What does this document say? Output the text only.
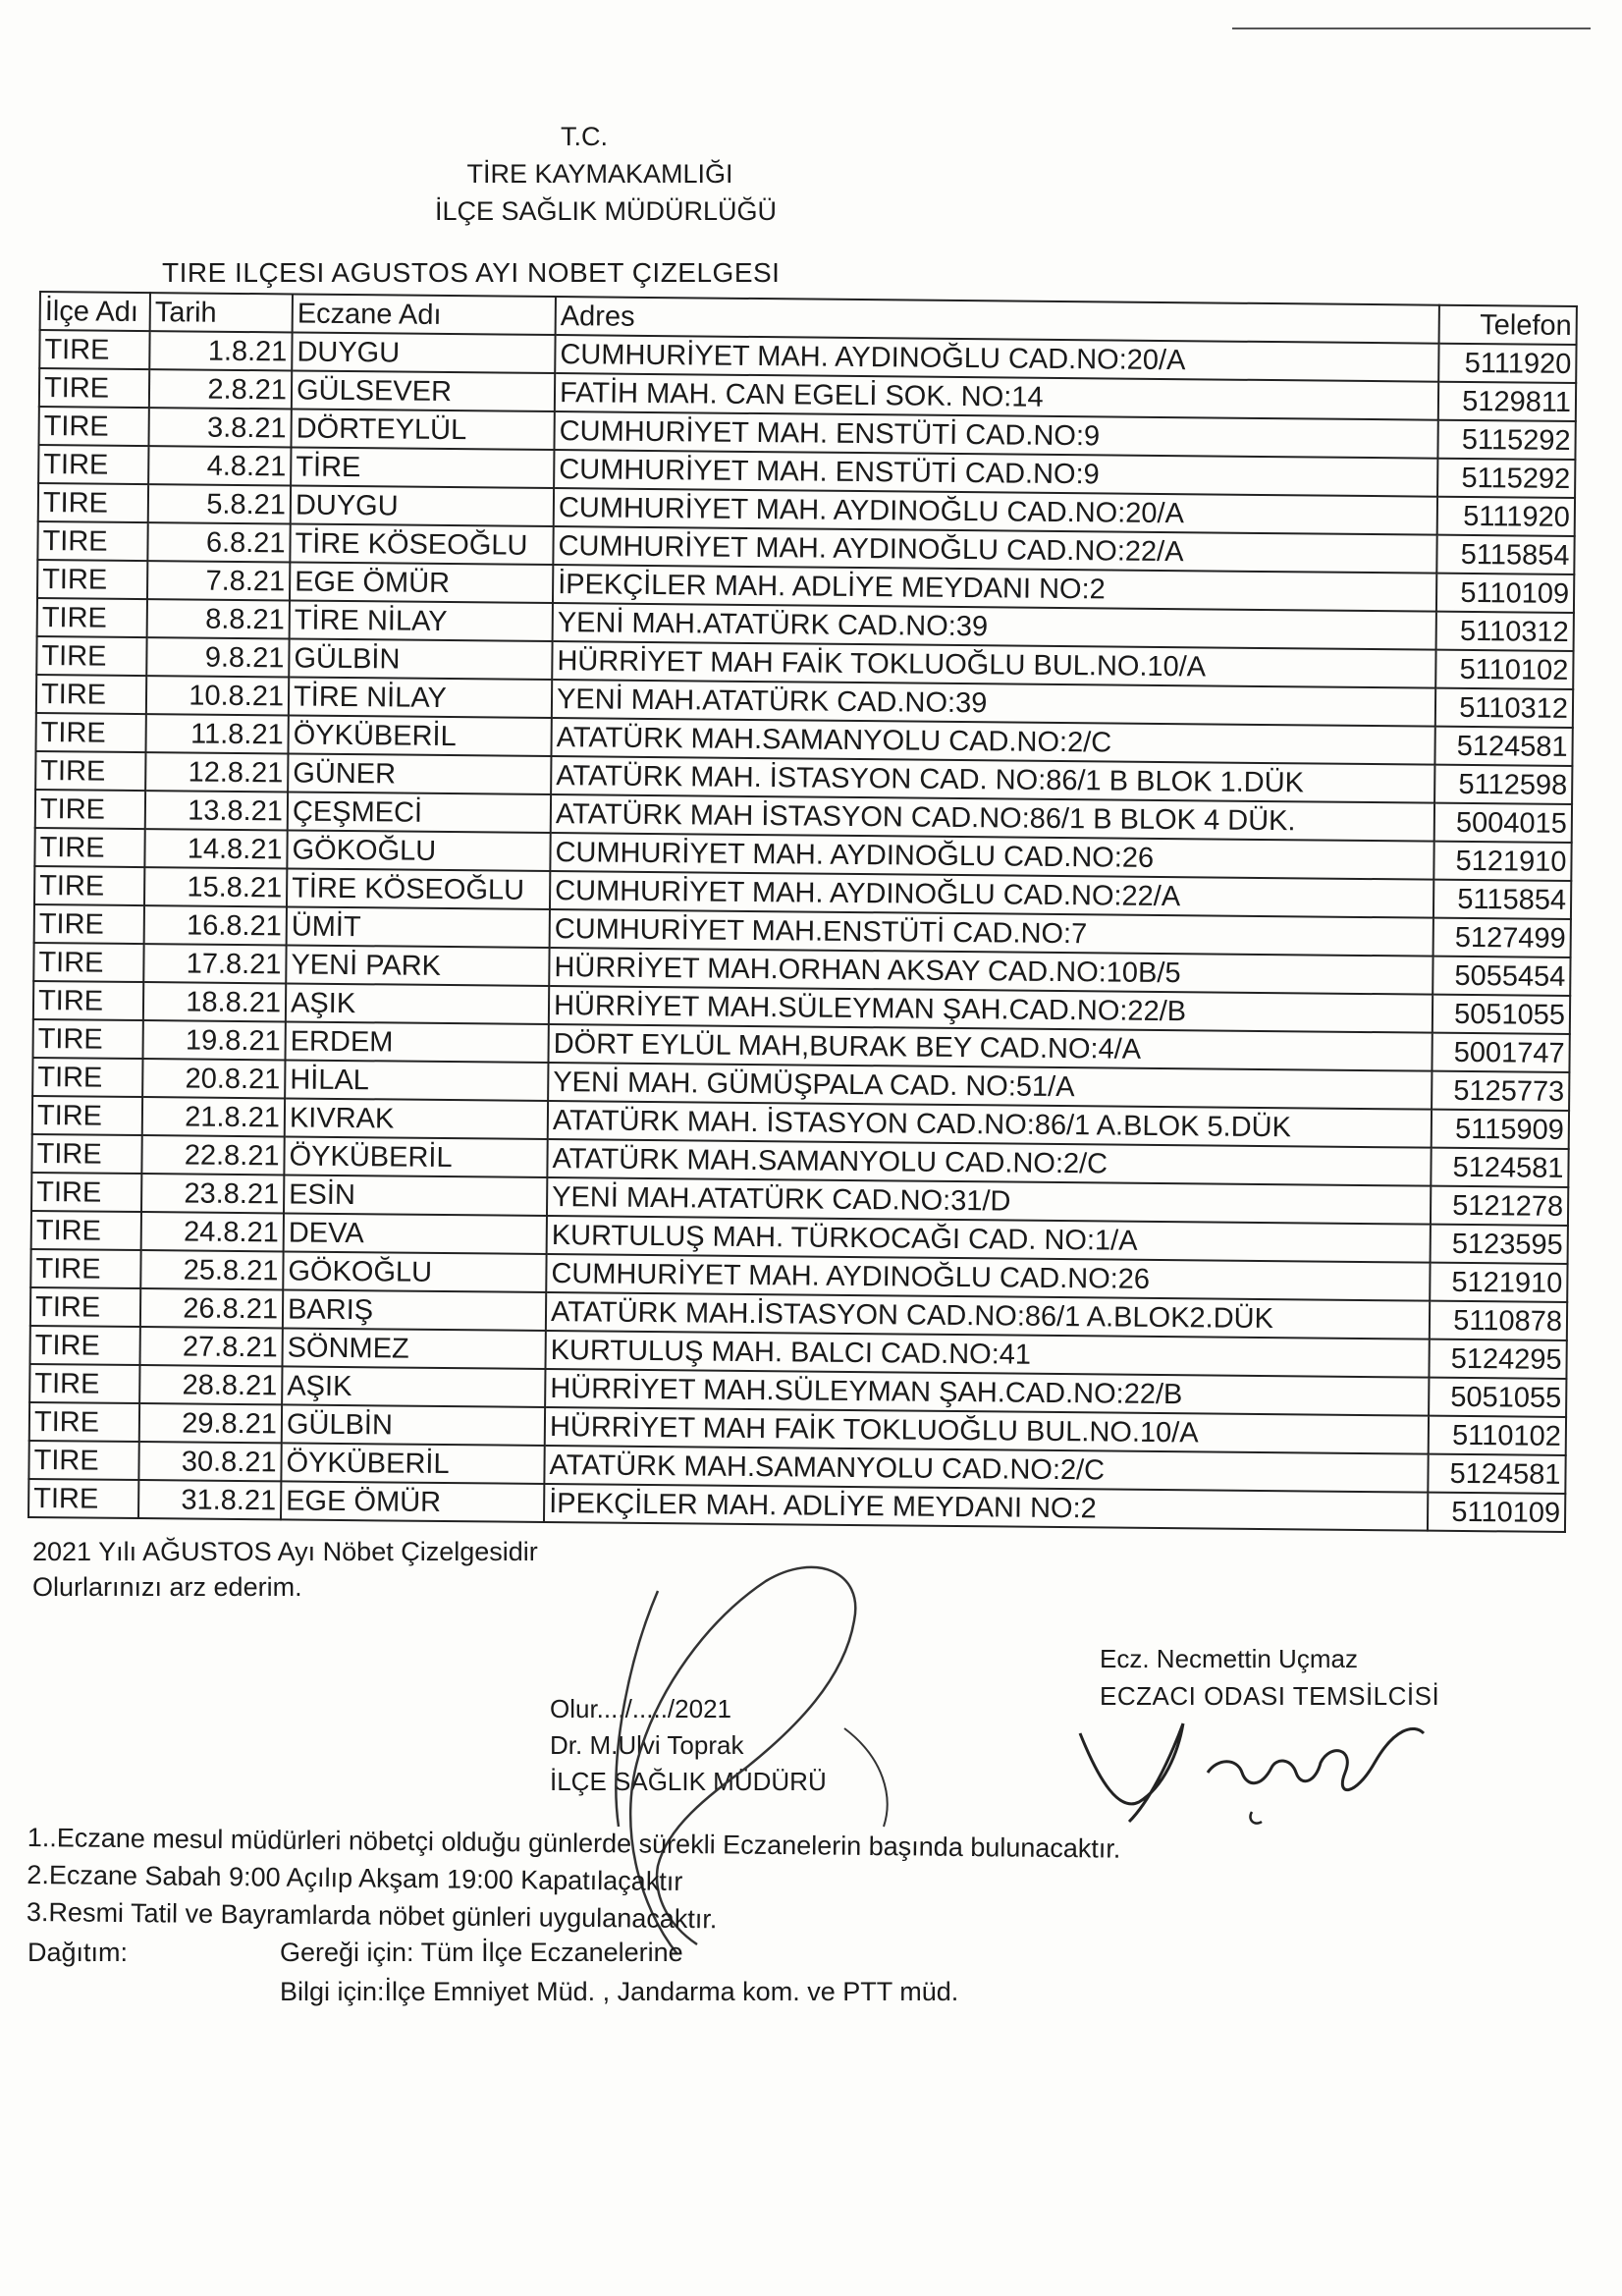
T.C.
TİRE KAYMAKAMLIĞI
İLÇE SAĞLIK MÜDÜRLÜĞÜ
TIRE ILÇESI AGUSTOS AYI NOBET ÇIZELGESI
İlçe Adı	Tarih	Eczane Adı	Adres	Telefon
TIRE	1.8.21	DUYGU	CUMHURİYET MAH. AYDINOĞLU CAD.NO:20/A	5111920
TIRE	2.8.21	GÜLSEVER	FATİH MAH. CAN EGELİ SOK. NO:14	5129811
TIRE	3.8.21	DÖRTEYLÜL	CUMHURİYET MAH. ENSTÜTİ CAD.NO:9	5115292
TIRE	4.8.21	TİRE	CUMHURİYET MAH. ENSTÜTİ CAD.NO:9	5115292
TIRE	5.8.21	DUYGU	CUMHURİYET MAH. AYDINOĞLU CAD.NO:20/A	5111920
TIRE	6.8.21	TİRE KÖSEOĞLU	CUMHURİYET MAH. AYDINOĞLU CAD.NO:22/A	5115854
TIRE	7.8.21	EGE ÖMÜR	İPEKÇİLER MAH. ADLİYE MEYDANI NO:2	5110109
TIRE	8.8.21	TİRE NİLAY	YENİ MAH.ATATÜRK CAD.NO:39	5110312
TIRE	9.8.21	GÜLBİN	HÜRRİYET MAH FAİK TOKLUOĞLU BUL.NO.10/A	5110102
TIRE	10.8.21	TİRE NİLAY	YENİ MAH.ATATÜRK CAD.NO:39	5110312
TIRE	11.8.21	ÖYKÜBERİL	ATATÜRK MAH.SAMANYOLU CAD.NO:2/C	5124581
TIRE	12.8.21	GÜNER	ATATÜRK MAH. İSTASYON CAD. NO:86/1 B BLOK 1.DÜK	5112598
TIRE	13.8.21	ÇEŞMECİ	ATATÜRK MAH İSTASYON CAD.NO:86/1 B BLOK 4 DÜK.	5004015
TIRE	14.8.21	GÖKOĞLU	CUMHURİYET MAH. AYDINOĞLU CAD.NO:26	5121910
TIRE	15.8.21	TİRE KÖSEOĞLU	CUMHURİYET MAH. AYDINOĞLU CAD.NO:22/A	5115854
TIRE	16.8.21	ÜMİT	CUMHURİYET MAH.ENSTÜTİ CAD.NO:7	5127499
TIRE	17.8.21	YENİ PARK	HÜRRİYET MAH.ORHAN AKSAY CAD.NO:10B/5	5055454
TIRE	18.8.21	AŞIK	HÜRRİYET MAH.SÜLEYMAN ŞAH.CAD.NO:22/B	5051055
TIRE	19.8.21	ERDEM	DÖRT EYLÜL MAH,BURAK BEY CAD.NO:4/A	5001747
TIRE	20.8.21	HİLAL	YENİ MAH. GÜMÜŞPALA CAD. NO:51/A	5125773
TIRE	21.8.21	KIVRAK	ATATÜRK MAH. İSTASYON CAD.NO:86/1 A.BLOK 5.DÜK	5115909
TIRE	22.8.21	ÖYKÜBERİL	ATATÜRK MAH.SAMANYOLU CAD.NO:2/C	5124581
TIRE	23.8.21	ESİN	YENİ MAH.ATATÜRK CAD.NO:31/D	5121278
TIRE	24.8.21	DEVA	KURTULUŞ MAH. TÜRKOCAĞI CAD. NO:1/A	5123595
TIRE	25.8.21	GÖKOĞLU	CUMHURİYET MAH. AYDINOĞLU CAD.NO:26	5121910
TIRE	26.8.21	BARIŞ	ATATÜRK MAH.İSTASYON CAD.NO:86/1 A.BLOK2.DÜK	5110878
TIRE	27.8.21	SÖNMEZ	KURTULUŞ MAH. BALCI CAD.NO:41	5124295
TIRE	28.8.21	AŞIK	HÜRRİYET MAH.SÜLEYMAN ŞAH.CAD.NO:22/B	5051055
TIRE	29.8.21	GÜLBİN	HÜRRİYET MAH FAİK TOKLUOĞLU BUL.NO.10/A	5110102
TIRE	30.8.21	ÖYKÜBERİL	ATATÜRK MAH.SAMANYOLU CAD.NO:2/C	5124581
TIRE	31.8.21	EGE ÖMÜR	İPEKÇİLER MAH. ADLİYE MEYDANI NO:2	5110109
2021 Yılı AĞUSTOS Ayı Nöbet Çizelgesidir
Olurlarınızı arz ederim.
Ecz. Necmettin Uçmaz
ECZACI ODASI TEMSİLCİSİ
Olur..../...../2021
Dr. M.Ulvi Toprak
İLÇE SAĞLIK MÜDÜRÜ
1..Eczane mesul müdürleri nöbetçi olduğu günlerde sürekli Eczanelerin başında bulunacaktır.
2.Eczane Sabah 9:00 Açılıp Akşam 19:00 Kapatılaçaktır
3.Resmi Tatil ve Bayramlarda nöbet günleri uygulanacaktır.
Dağıtım:	Gereği için: Tüm İlçe Eczanelerine
Bilgi için:İlçe Emniyet Müd. , Jandarma kom. ve PTT müd.
